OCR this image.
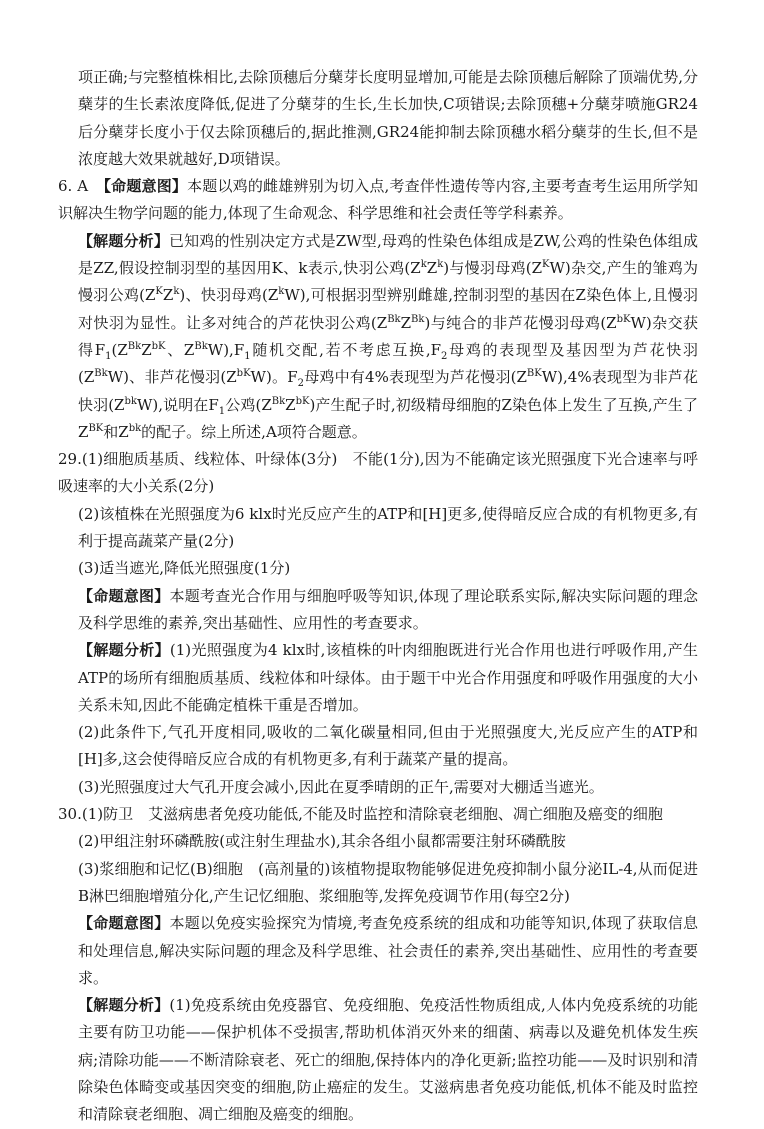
项正确;与完整植株相比,去除顶穗后分蘖芽长度明显增加,可能是去除顶穗后解除了顶端优势,分蘖芽的生长素浓度降低,促进了分蘖芽的生长,生长加快,C项错误;去除顶穗+分蘖芽喷施GR24后分蘖芽长度小于仅去除顶穗后的,据此推测,GR24能抑制去除顶穗水稻分蘖芽的生长,但不是浓度越大效果就越好,D项错误。

6. A　 【命题意图】本题以鸡的雌雄辨别为切入点,考查伴性遗传等内容,主要考查考生运用所学知识解决生物学问题的能力,体现了生命观念、科学思维和社会责任等学科素养。

【解题分析】已知鸡的性别决定方式是ZW型,母鸡的性染色体组成是ZW,公鸡的性染色体组成是ZZ,假设控制羽型的基因用K、k表示,快羽公鸡$(Z^kZ^k)$与慢羽母鸡$(Z^KW)$杂交,产生的雏鸡为慢羽公鸡$(Z^KZ^k)$、快羽母鸡$(Z^kW)$,可根据羽型辨别雌雄,控制羽型的基因在Z染色体上,且慢羽对快羽为显性。让多对纯合的芦花快羽公鸡$(Z^{Bk}Z^{Bk})$与纯合的非芦花慢羽母鸡$(Z^{bK}W)$杂交获得$F_1(Z^{Bk}Z^{bK}$、$Z^{Bk}W),F_1$随机交配,若不考虑互换$,F_2$母鸡的表现型及基因型为芦花快羽$(Z^{Bk}W)$、非芦花慢羽$(Z^{bK}W)$。$F_2$母鸡中有4%表现型为芦花慢羽$(Z^{BK}W),4\%$表现型为非芦花快羽$(Z^{bk}W)$,说明在$F_1$公鸡$(Z^{Bk}Z^{bK})$产生配子时,初级精母细胞的Z染色体上发生了互换,产生了$Z^{BK}$和$Z^{bk}$的配子。综上所述,A项符合题意。

29.(1)细胞质基质、线粒体、叶绿体(3分)　不能(1分),因为不能确定该光照强度下光合速率与呼吸速率的大小关系(2分)

(2)该植株在光照强度为6 klx时光反应产生的ATP和[H]更多,使得暗反应合成的有机物更多,有利于提高蔬菜产量(2分)

(3)适当遮光,降低光照强度(1分)

【命题意图】本题考查光合作用与细胞呼吸等知识,体现了理论联系实际,解决实际问题的理念及科学思维的素养,突出基础性、应用性的考查要求。

【解题分析】(1)光照强度为4 klx时,该植株的叶肉细胞既进行光合作用也进行呼吸作用,产生ATP的场所有细胞质基质、线粒体和叶绿体。由于题干中光合作用强度和呼吸作用强度的大小关系未知,因此不能确定植株干重是否增加。

(2)此条件下,气孔开度相同,吸收的二氧化碳量相同,但由于光照强度大,光反应产生的ATP和[H]多,这会使得暗反应合成的有机物更多,有利于蔬菜产量的提高。

(3)光照强度过大气孔开度会减小,因此在夏季晴朗的正午,需要对大棚适当遮光。

30.(1)防卫　艾滋病患者免疫功能低,不能及时监控和清除衰老细胞、凋亡细胞及癌变的细胞

(2)甲组注射环磷酰胺(或注射生理盐水),其余各组小鼠都需要注射环磷酰胺

(3)浆细胞和记忆(B)细胞　(高剂量的)该植物提取物能够促进免疫抑制小鼠分泌IL-4,从而促进B淋巴细胞增殖分化,产生记忆细胞、浆细胞等,发挥免疫调节作用(每空2分)

【命题意图】本题以免疫实验探究为情境,考查免疫系统的组成和功能等知识,体现了获取信息和处理信息,解决实际问题的理念及科学思维、社会责任的素养,突出基础性、应用性的考查要求。

【解题分析】(1)免疫系统由免疫器官、免疫细胞、免疫活性物质组成,人体内免疫系统的功能主要有防卫功能——保护机体不受损害,帮助机体消灭外来的细菌、病毒以及避免机体发生疾病;清除功能——不断清除衰老、死亡的细胞,保持体内的净化更新;监控功能——及时识别和清除染色体畸变或基因突变的细胞,防止癌症的发生。艾滋病患者免疫功能低,机体不能及时监控和清除衰老细胞、凋亡细胞及癌变的细胞。
